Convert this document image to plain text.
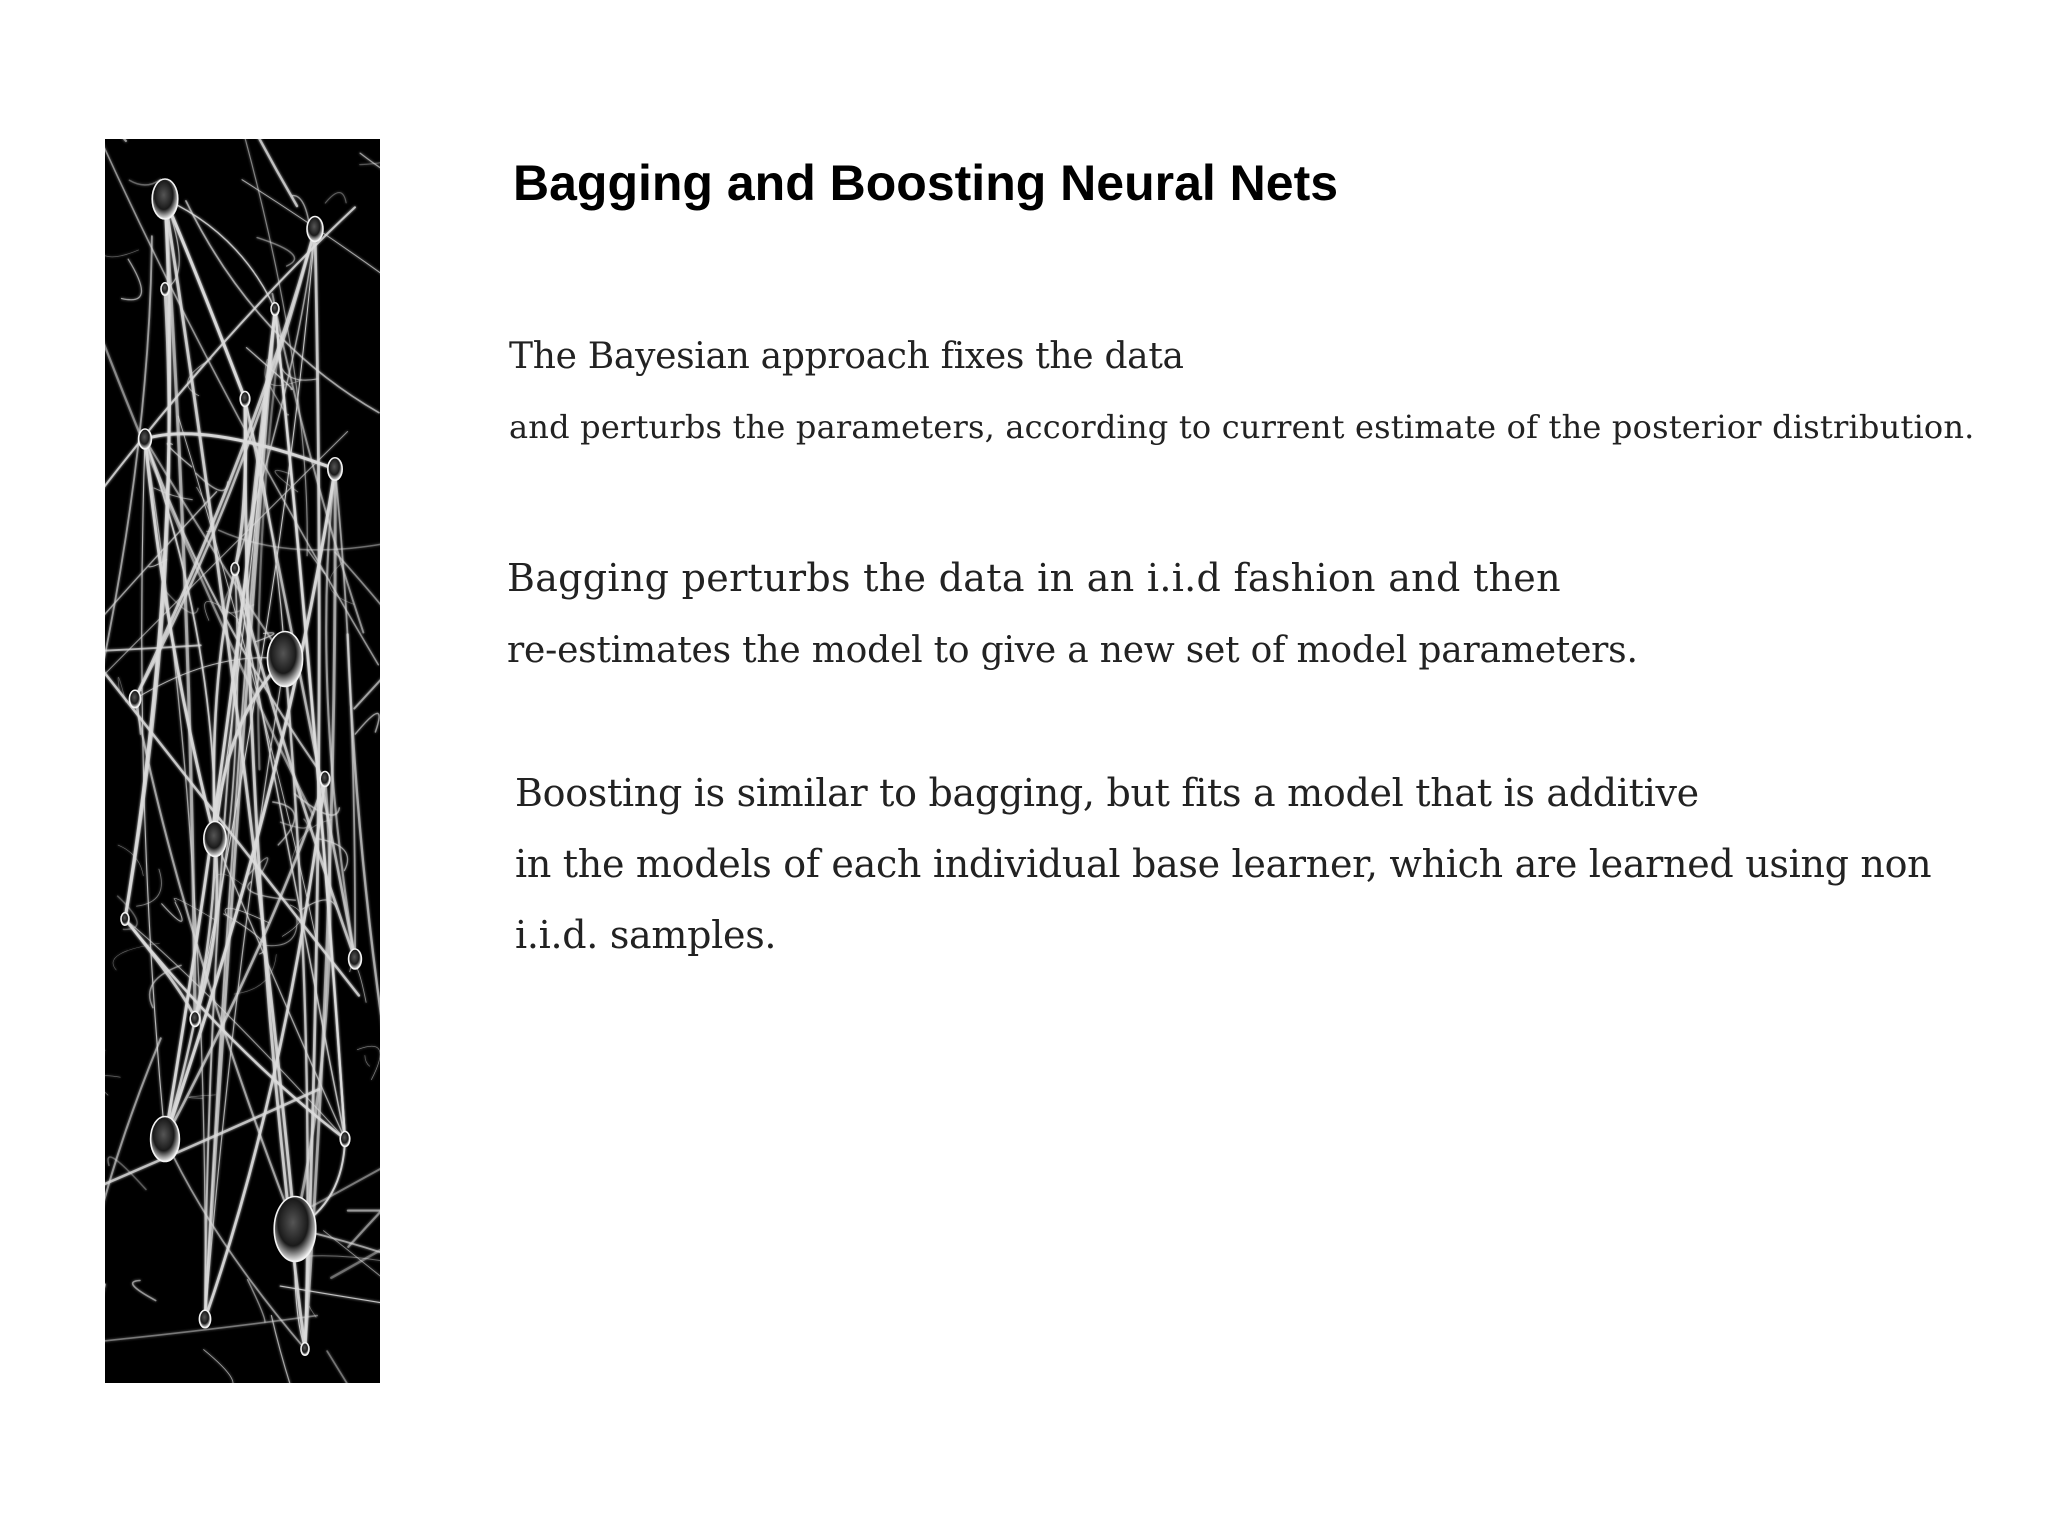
Bagging and Boosting Neural Nets
The Bayesian approach fixes the data
and perturbs the parameters, according to current estimate of the posterior distribution.
Bagging perturbs the data in an i.i.d fashion and then
re-estimates the model to give a new set of model parameters.
Boosting is similar to bagging, but fits a model that is additive
in the models of each individual base learner, which are learned using non
i.i.d. samples.
